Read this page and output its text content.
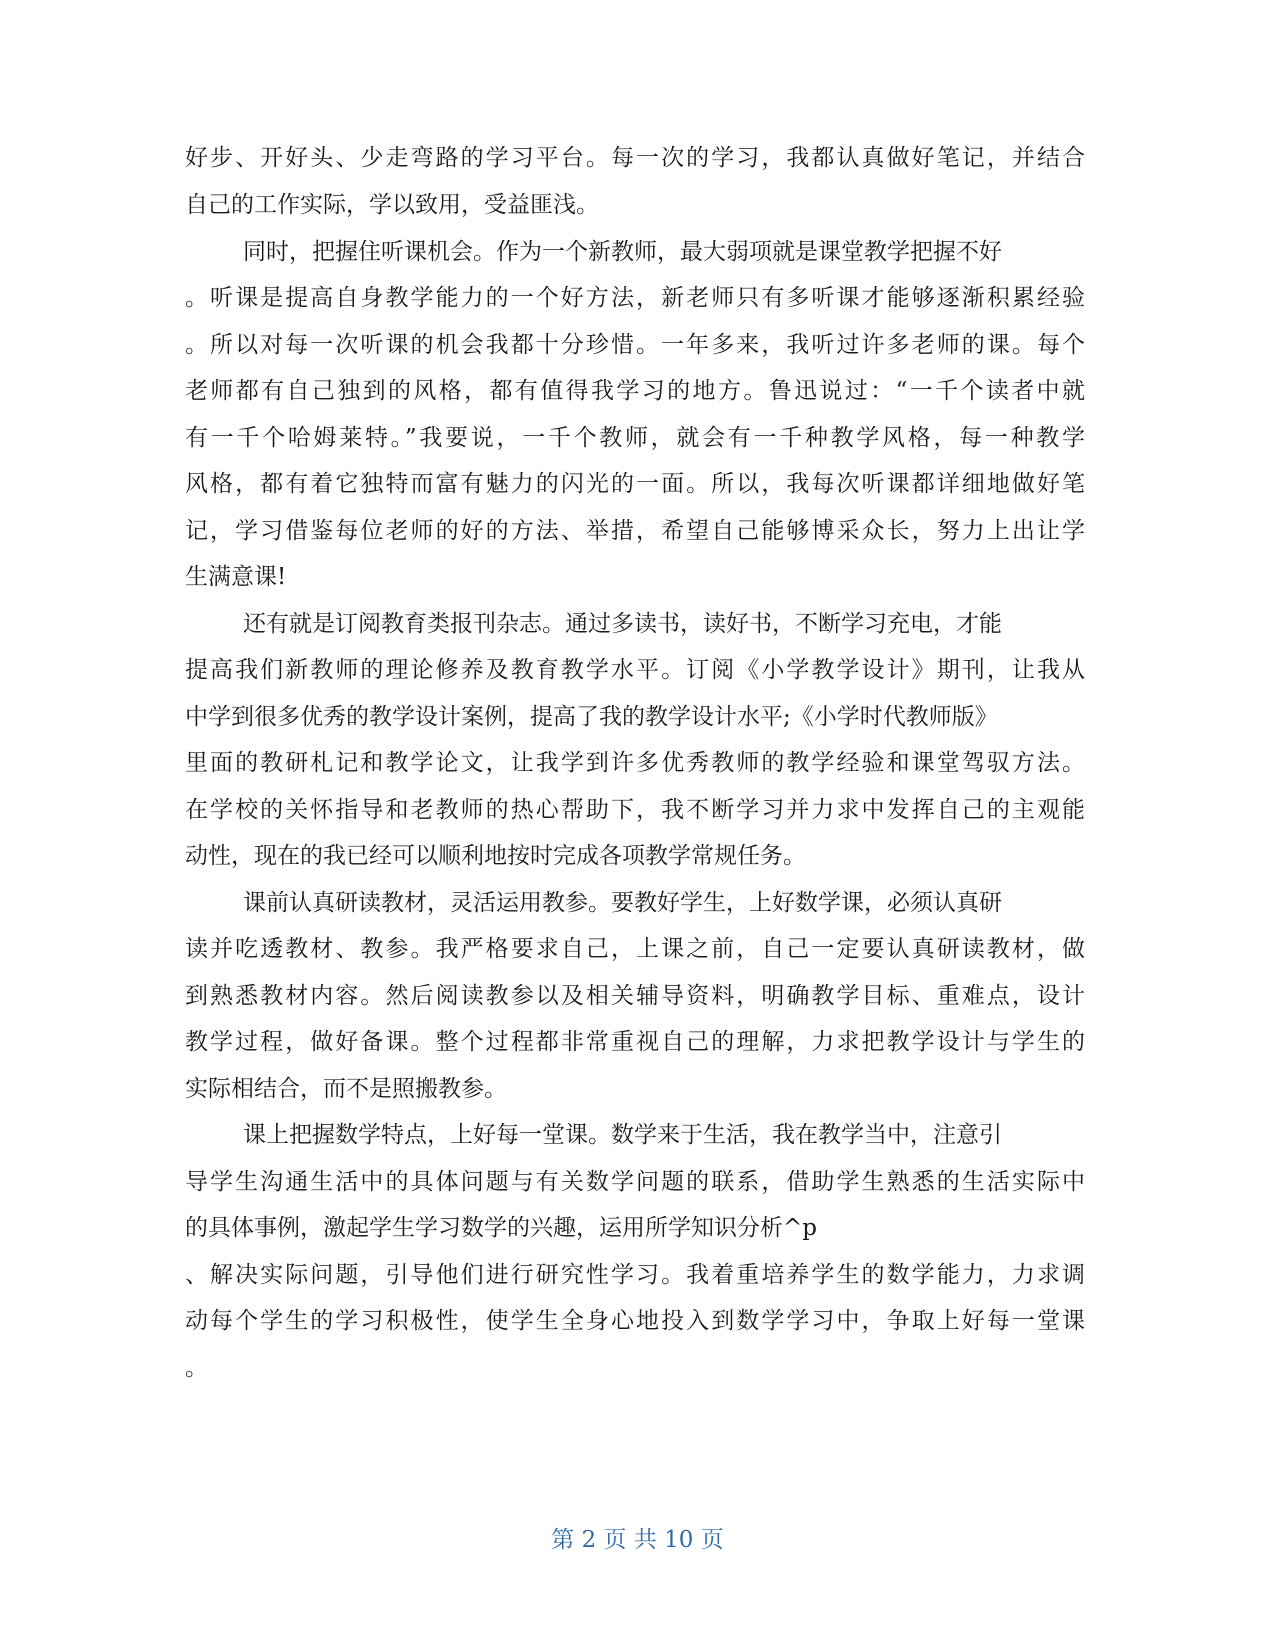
好步、开好头、少走弯路的学习平台。每一次的学习，我都认真做好笔记，并结合
自己的工作实际，学以致用，受益匪浅。
同时，把握住听课机会。作为一个新教师，最大弱项就是课堂教学把握不好
。听课是提高自身教学能力的一个好方法，新老师只有多听课才能够逐渐积累经验
。所以对每一次听课的机会我都十分珍惜。一年多来，我听过许多老师的课。每个
老师都有自己独到的风格，都有值得我学习的地方。鲁迅说过：“一千个读者中就
有一千个哈姆莱特。”我要说，一千个教师，就会有一千种教学风格，每一种教学
风格，都有着它独特而富有魅力的闪光的一面。所以，我每次听课都详细地做好笔
记，学习借鉴每位老师的好的方法、举措，希望自己能够博采众长，努力上出让学
生满意课!
还有就是订阅教育类报刊杂志。通过多读书，读好书，不断学习充电，才能
提高我们新教师的理论修养及教育教学水平。订阅《小学教学设计》期刊，让我从
中学到很多优秀的教学设计案例，提高了我的教学设计水平;《小学时代教师版》
里面的教研札记和教学论文，让我学到许多优秀教师的教学经验和课堂驾驭方法。
在学校的关怀指导和老教师的热心帮助下，我不断学习并力求中发挥自己的主观能
动性，现在的我已经可以顺利地按时完成各项教学常规任务。
课前认真研读教材，灵活运用教参。要教好学生，上好数学课，必须认真研
读并吃透教材、教参。我严格要求自己，上课之前，自己一定要认真研读教材，做
到熟悉教材内容。然后阅读教参以及相关辅导资料，明确教学目标、重难点，设计
教学过程，做好备课。整个过程都非常重视自己的理解，力求把教学设计与学生的
实际相结合，而不是照搬教参。
课上把握数学特点，上好每一堂课。数学来于生活，我在教学当中，注意引
导学生沟通生活中的具体问题与有关数学问题的联系，借助学生熟悉的生活实际中
的具体事例，激起学生学习数学的兴趣，运用所学知识分析^p
、解决实际问题，引导他们进行研究性学习。我着重培养学生的数学能力，力求调
动每个学生的学习积极性，使学生全身心地投入到数学学习中，争取上好每一堂课
。
第 2 页 共 10 页
